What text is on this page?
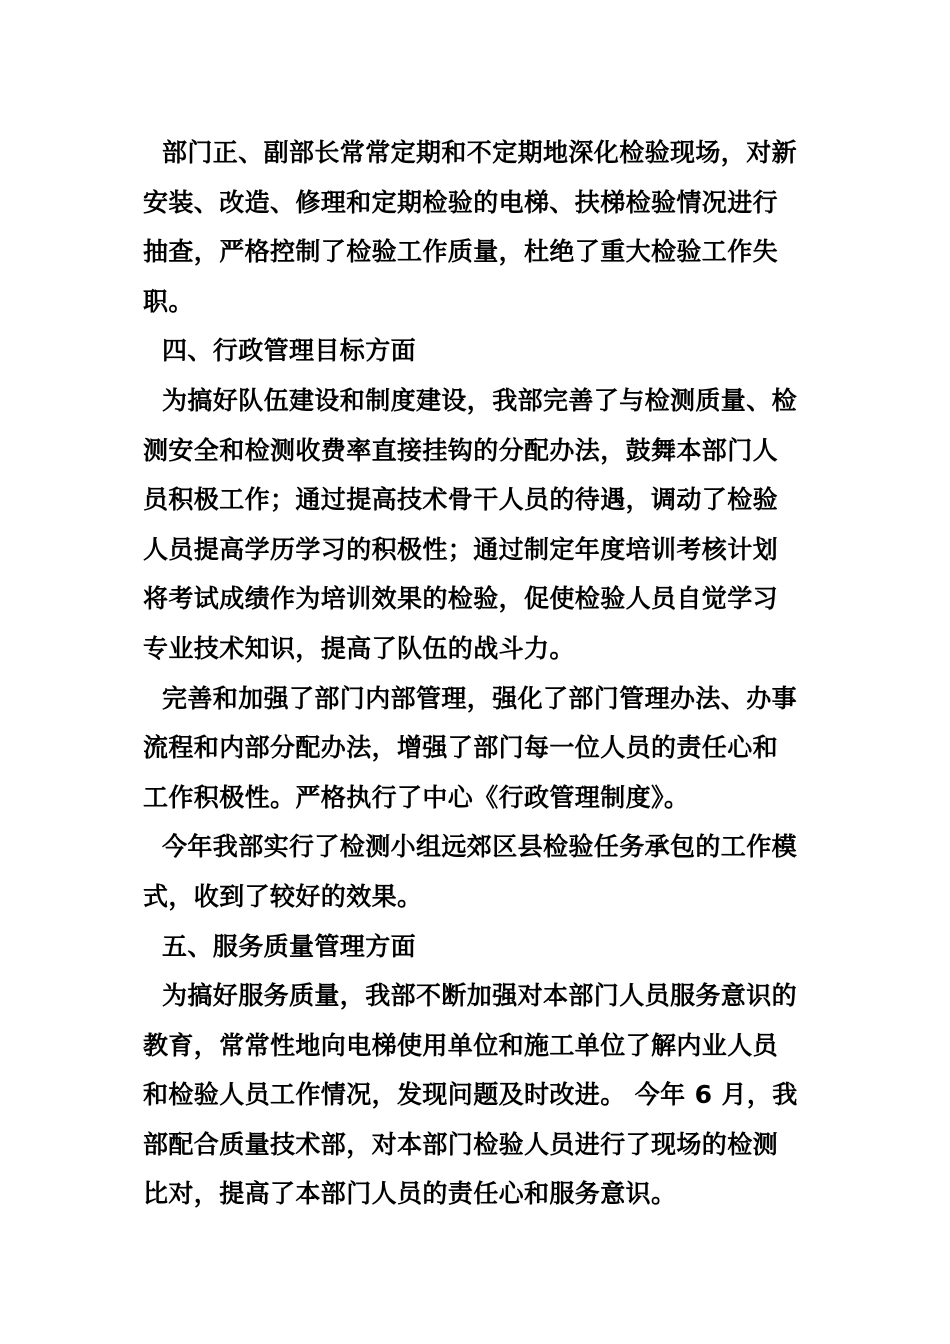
部门正、副部长常常定期和不定期地深化检验现场，对新
安装、改造、修理和定期检验的电梯、扶梯检验情况进行
抽查，严格控制了检验工作质量，杜绝了重大检验工作失
职。
四、行政管理目标方面
为搞好队伍建设和制度建设，我部完善了与检测质量、检
测安全和检测收费率直接挂钩的分配办法，鼓舞本部门人
员积极工作；通过提高技术骨干人员的待遇，调动了检验
人员提高学历学习的积极性；通过制定年度培训考核计划
将考试成绩作为培训效果的检验，促使检验人员自觉学习
专业技术知识，提高了队伍的战斗力。
完善和加强了部门内部管理，强化了部门管理办法、办事
流程和内部分配办法，增强了部门每一位人员的责任心和
工作积极性。严格执行了中心《行政管理制度》。
今年我部实行了检测小组远郊区县检验任务承包的工作模
式，收到了较好的效果。
五、服务质量管理方面
为搞好服务质量，我部不断加强对本部门人员服务意识的
教育，常常性地向电梯使用单位和施工单位了解内业人员
和检验人员工作情况，发现问题及时改进。 今年 6 月，我
部配合质量技术部，对本部门检验人员进行了现场的检测
比对，提高了本部门人员的责任心和服务意识。
